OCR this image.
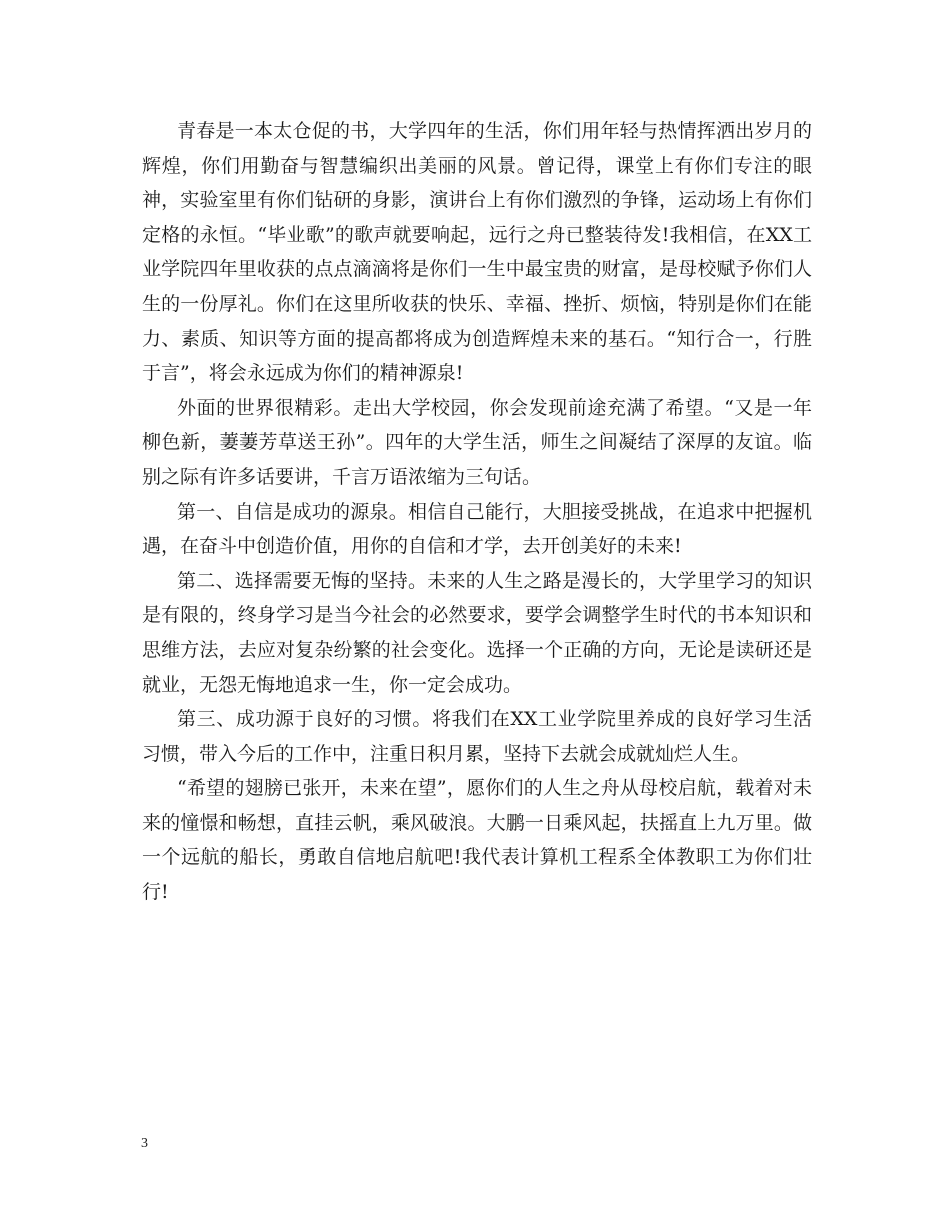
青春是一本太仓促的书，大学四年的生活，你们用年轻与热情挥洒出岁月的辉煌，你们用勤奋与智慧编织出美丽的风景。曾记得，课堂上有你们专注的眼神，实验室里有你们钻研的身影，演讲台上有你们激烈的争锋，运动场上有你们定格的永恒。“毕业歌”的歌声就要响起，远行之舟已整装待发!我相信，在XX工业学院四年里收获的点点滴滴将是你们一生中最宝贵的财富，是母校赋予你们人生的一份厚礼。你们在这里所收获的快乐、幸福、挫折、烦恼，特别是你们在能力、素质、知识等方面的提高都将成为创造辉煌未来的基石。“知行合一，行胜于言”，将会永远成为你们的精神源泉!

外面的世界很精彩。走出大学校园，你会发现前途充满了希望。“又是一年柳色新，萋萋芳草送王孙”。四年的大学生活，师生之间凝结了深厚的友谊。临别之际有许多话要讲，千言万语浓缩为三句话。

第一、自信是成功的源泉。相信自己能行，大胆接受挑战，在追求中把握机遇，在奋斗中创造价值，用你的自信和才学，去开创美好的未来!

第二、选择需要无悔的坚持。未来的人生之路是漫长的，大学里学习的知识是有限的，终身学习是当今社会的必然要求，要学会调整学生时代的书本知识和思维方法，去应对复杂纷繁的社会变化。选择一个正确的方向，无论是读研还是就业，无怨无悔地追求一生，你一定会成功。

第三、成功源于良好的习惯。将我们在XX工业学院里养成的良好学习生活习惯，带入今后的工作中，注重日积月累，坚持下去就会成就灿烂人生。

“希望的翅膀已张开，未来在望”，愿你们的人生之舟从母校启航，载着对未来的憧憬和畅想，直挂云帆，乘风破浪。大鹏一日乘风起，扶摇直上九万里。做一个远航的船长，勇敢自信地启航吧!我代表计算机工程系全体教职工为你们壮行!

3
